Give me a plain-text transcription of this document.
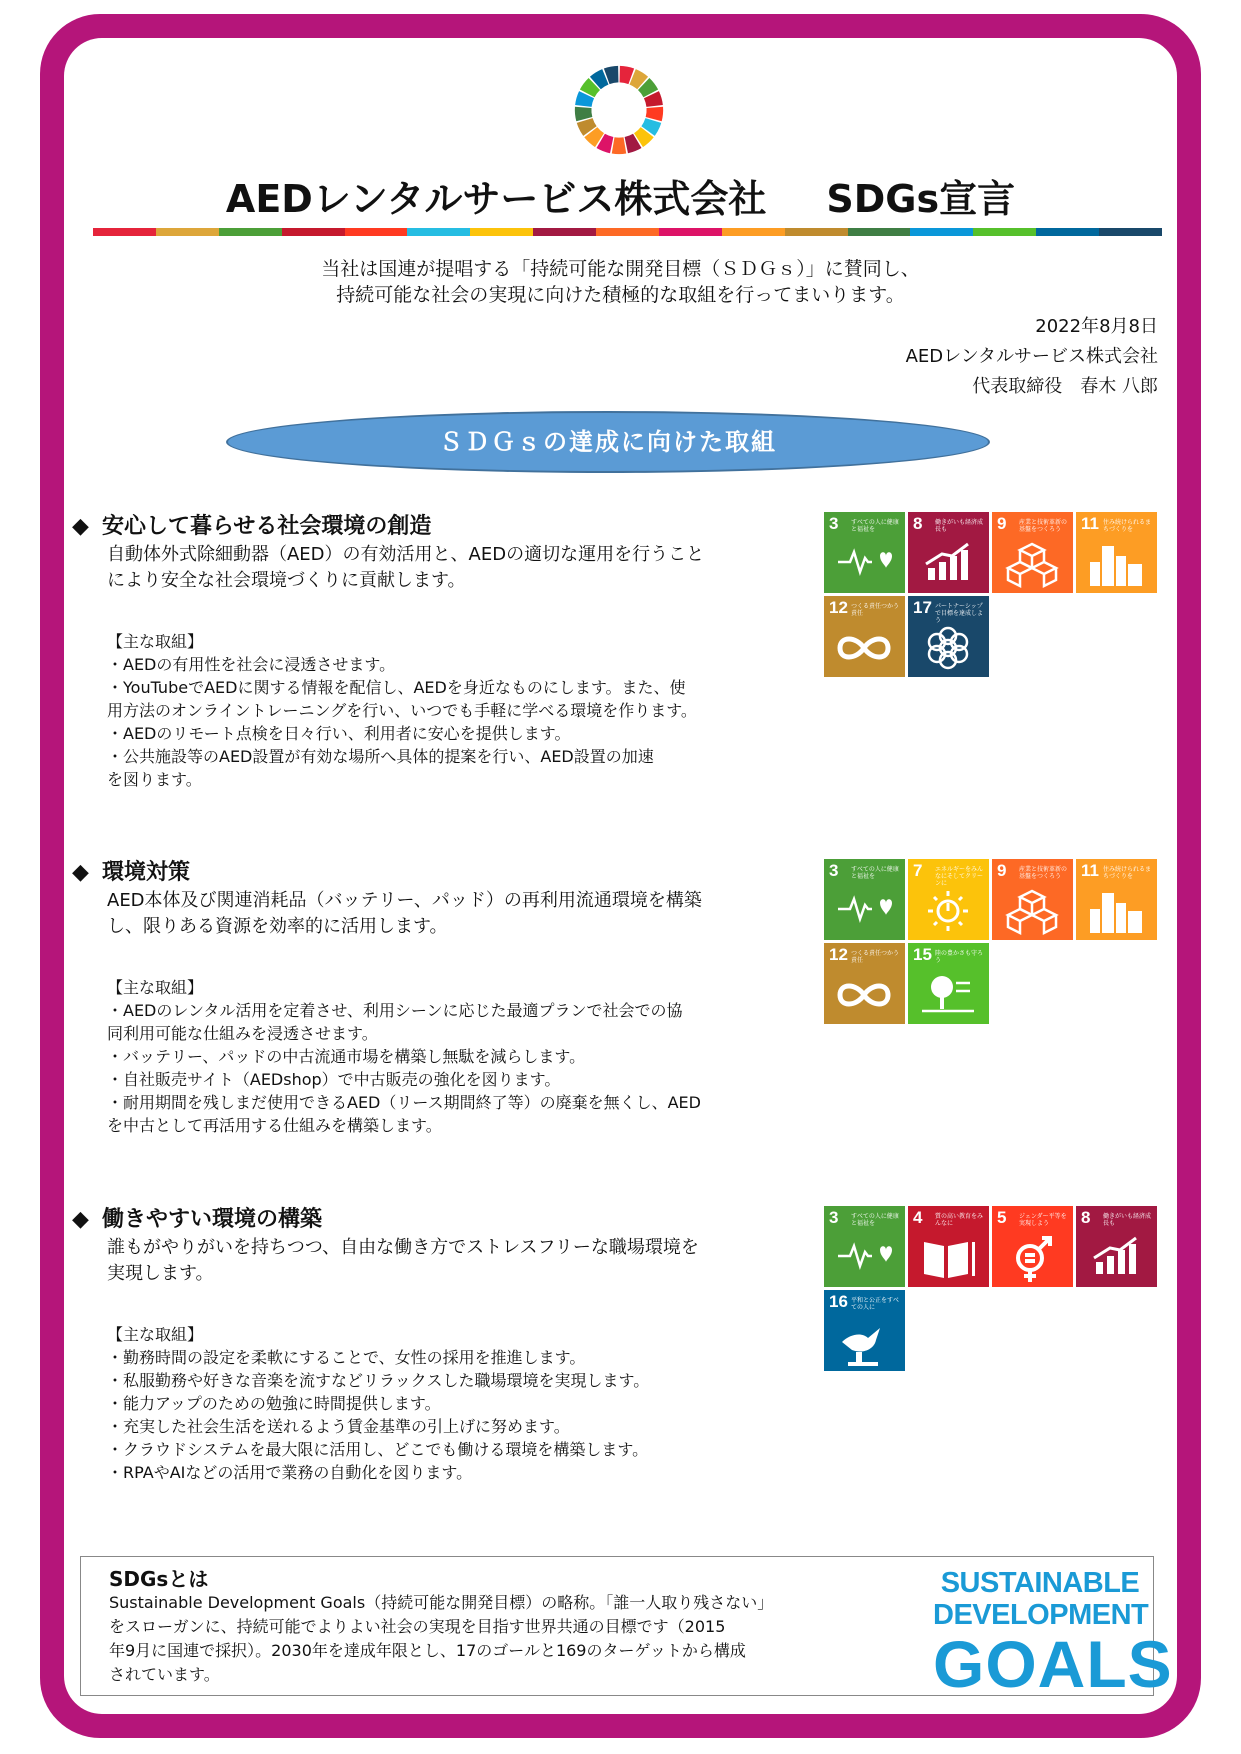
AEDレンタルサービス株式会社 SDGs宣言
当社は国連が提唱する「持続可能な開発目標（ＳＤＧｓ）」に賛同し、
持続可能な社会の実現に向けた積極的な取組を行ってまいります。
2022年8月8日
AEDレンタルサービス株式会社
代表取締役　春木 八郎
ＳＤＧｓの達成に向けた取組
◆ 安心して暮らせる社会環境の創造
自動体外式除細動器（AED）の有効活用と、AEDの適切な運用を行うこと
により安全な社会環境づくりに貢献します。
【主な取組】
・AEDの有用性を社会に浸透させます。
・YouTubeでAEDに関する情報を配信し、AEDを身近なものにします。また、使
用方法のオンライントレーニングを行い、いつでも手軽に学べる環境を作ります。
・AEDのリモート点検を日々行い、利用者に安心を提供します。
・公共施設等のAED設置が有効な場所へ具体的提案を行い、AED設置の加速
を図ります。
3 すべての人に健康と福祉を	8 働きがいも経済成長も	9 産業と技術革新の基盤をつくろう	11 住み続けられるまちづくりを
12 つくる責任つかう責任	17 パートナーシップで目標を達成しよう
◆ 環境対策
AED本体及び関連消耗品（バッテリー、パッド）の再利用流通環境を構築
し、限りある資源を効率的に活用します。
【主な取組】
・AEDのレンタル活用を定着させ、利用シーンに応じた最適プランで社会での協
同利用可能な仕組みを浸透させます。
・バッテリー、パッドの中古流通市場を構築し無駄を減らします。
・自社販売サイト（AEDshop）で中古販売の強化を図ります。
・耐用期間を残しまだ使用できるAED（リース期間終了等）の廃棄を無くし、AED
を中古として再活用する仕組みを構築します。
3 すべての人に健康と福祉を	7 エネルギーをみんなにそしてクリーンに
9 産業と技術革新の基盤をつくろう	11 住み続けられるまちづくりを
12 つくる責任つかう責任	15 陸の豊かさも守ろう
◆ 働きやすい環境の構築
誰もがやりがいを持ちつつ、自由な働き方でストレスフリーな職場環境を
実現します。
【主な取組】
・勤務時間の設定を柔軟にすることで、女性の採用を推進します。
・私服勤務や好きな音楽を流すなどリラックスした職場環境を実現します。
・能力アップのための勉強に時間提供します。
・充実した社会生活を送れるよう賃金基準の引上げに努めます。
・クラウドシステムを最大限に活用し、どこでも働ける環境を構築します。
・RPAやAIなどの活用で業務の自動化を図ります。
3 すべての人に健康と福祉を	4 質の高い教育をみんなに	5 ジェンダー平等を実現しよう	8 働きがいも経済成長も
16 平和と公正をすべての人に
SDGsとは
Sustainable Development Goals（持続可能な開発目標）の略称。「誰一人取り残さない」
をスローガンに、持続可能でよりよい社会の実現を目指す世界共通の目標です（2015
年9月に国連で採択）。2030年を達成年限とし、17のゴールと169のターゲットから構成
されています。
SUSTAINABLE
DEVELOPMENT
GOALS
